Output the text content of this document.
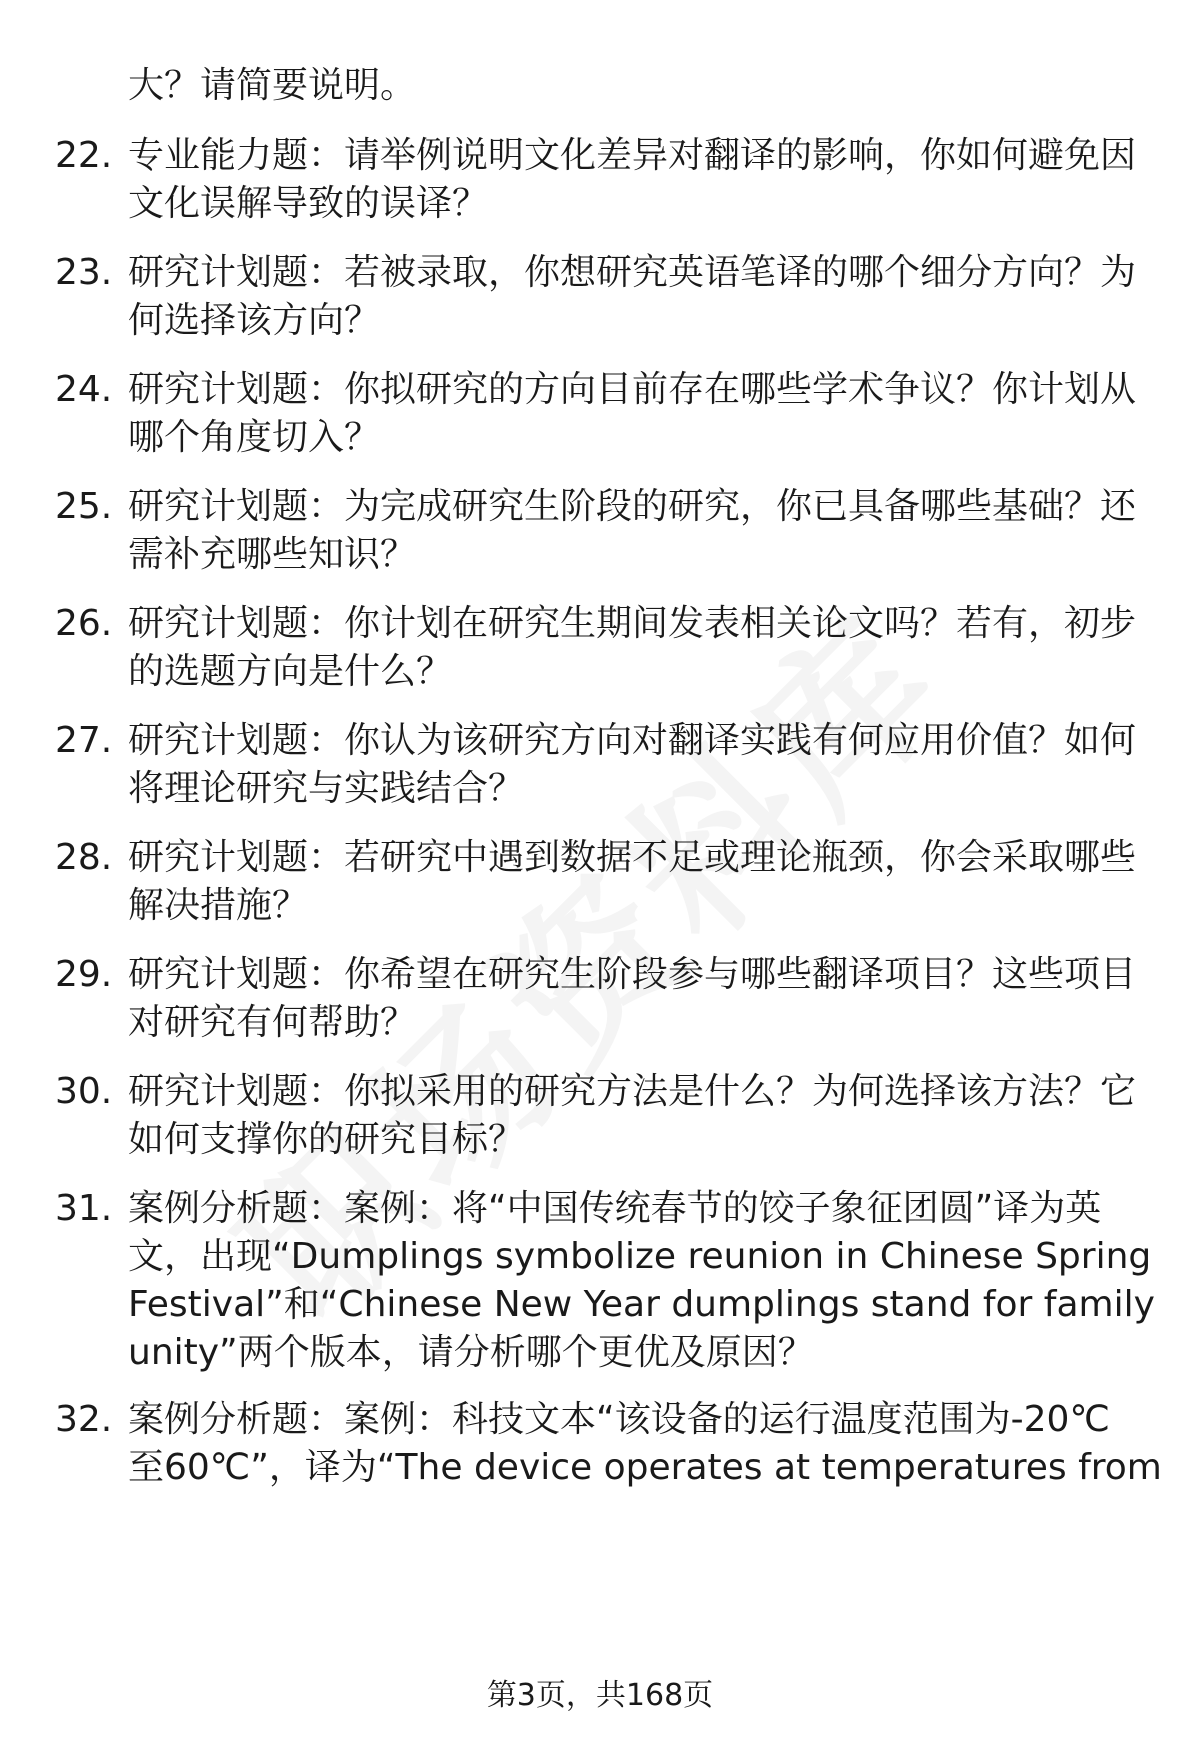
大？请简要说明。
22. 专业能力题：请举例说明文化差异对翻译的影响，你如何避免因
文化误解导致的误译？
23. 研究计划题：若被录取，你想研究英语笔译的哪个细分方向？为
何选择该方向？
24. 研究计划题：你拟研究的方向目前存在哪些学术争议？你计划从
哪个角度切入？
25. 研究计划题：为完成研究生阶段的研究，你已具备哪些基础？还
需补充哪些知识？
26. 研究计划题：你计划在研究生期间发表相关论文吗？若有，初步
的选题方向是什么？
27. 研究计划题：你认为该研究方向对翻译实践有何应用价值？如何
将理论研究与实践结合？
28. 研究计划题：若研究中遇到数据不足或理论瓶颈，你会采取哪些
解决措施？
29. 研究计划题：你希望在研究生阶段参与哪些翻译项目？这些项目
对研究有何帮助？
30. 研究计划题：你拟采用的研究方法是什么？为何选择该方法？它
如何支撑你的研究目标？
31. 案例分析题：案例：将“中国传统春节的饺子象征团圆”译为英
文，出现“Dumplings symbolize reunion in Chinese Spring
Festival”和“Chinese New Year dumplings stand for family
unity”两个版本，请分析哪个更优及原因？
32. 案例分析题：案例：科技文本“该设备的运行温度范围为-20℃
至60℃”，译为“The device operates at temperatures from
第3页，共168页
